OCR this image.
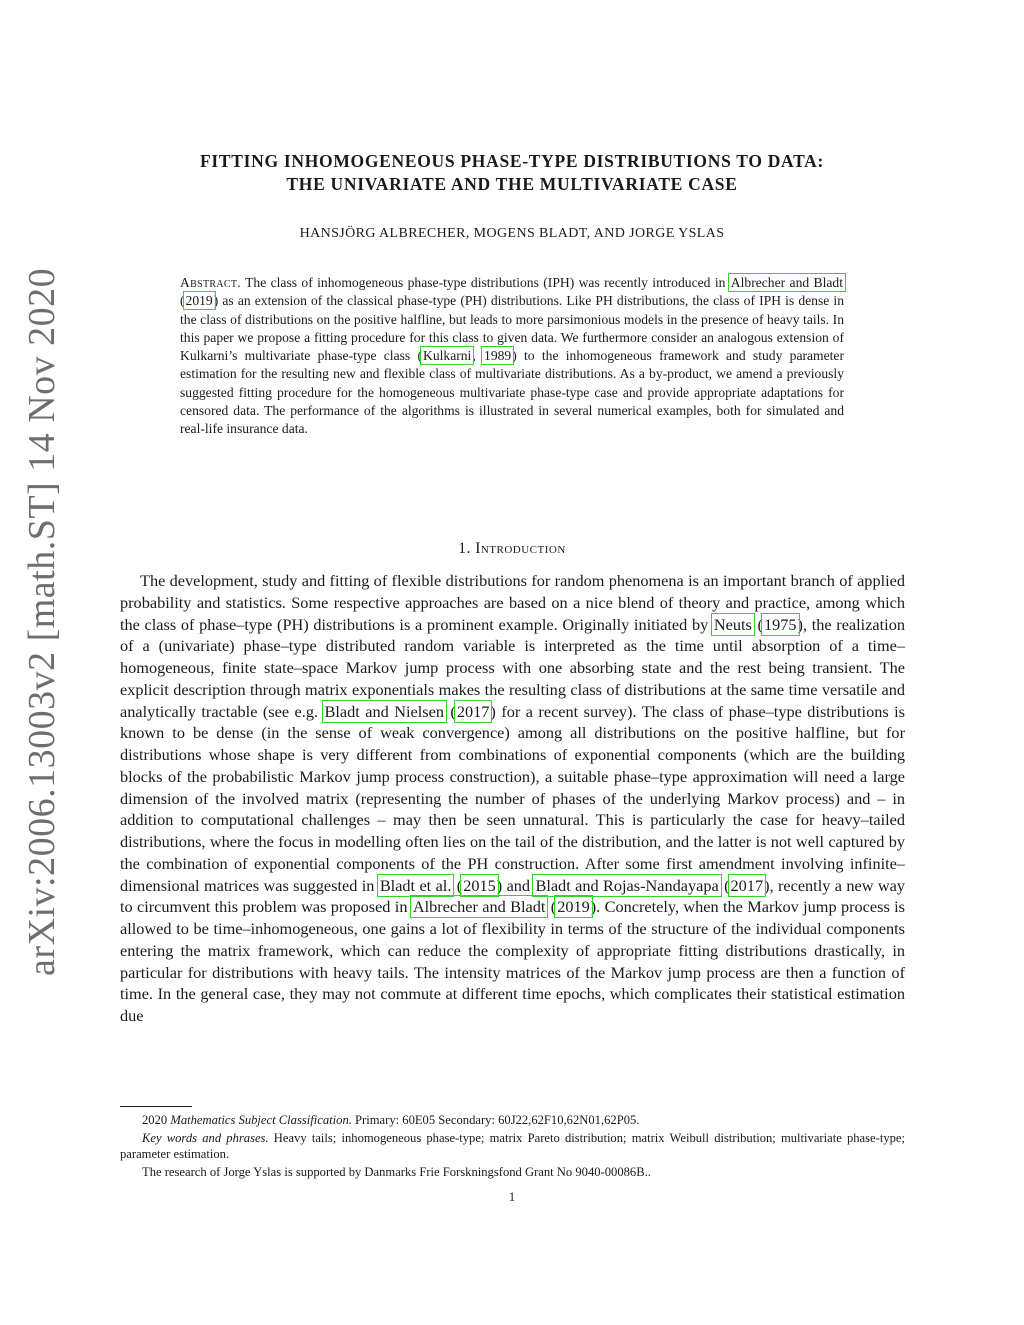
arXiv:2006.13003v2 [math.ST] 14 Nov 2020
FITTING INHOMOGENEOUS PHASE-TYPE DISTRIBUTIONS TO DATA:
THE UNIVARIATE AND THE MULTIVARIATE CASE
HANSJÖRG ALBRECHER, MOGENS BLADT, AND JORGE YSLAS
Abstract. The class of inhomogeneous phase-type distributions (IPH) was recently introduced in Albrecher and Bladt (2019) as an extension of the classical phase-type (PH) distributions. Like PH distributions, the class of IPH is dense in the class of distributions on the positive halfline, but leads to more parsimonious models in the presence of heavy tails. In this paper we propose a fitting procedure for this class to given data. We furthermore consider an analogous extension of Kulkarni’s multivariate phase-type class (Kulkarni, 1989) to the inhomogeneous framework and study parameter estimation for the resulting new and flexible class of multivariate distributions. As a by-product, we amend a previously suggested fitting procedure for the homogeneous multivariate phase-type case and provide appropriate adaptations for censored data. The performance of the algorithms is illustrated in several numerical examples, both for simulated and real-life insurance data.
1. Introduction

The development, study and fitting of flexible distributions for random phenomena is an important branch of applied probability and statistics. Some respective approaches are based on a nice blend of theory and practice, among which the class of phase–type (PH) distributions is a prominent example. Originally initiated by Neuts (1975), the realization of a (univariate) phase–type distributed random variable is interpreted as the time until absorption of a time–homogeneous, finite state–space Markov jump process with one absorbing state and the rest being transient. The explicit description through matrix exponentials makes the resulting class of distributions at the same time versatile and analytically tractable (see e.g. Bladt and Nielsen (2017) for a recent survey). The class of phase–type distributions is known to be dense (in the sense of weak convergence) among all distributions on the positive halfline, but for distributions whose shape is very different from combinations of exponential components (which are the building blocks of the probabilistic Markov jump process construction), a suitable phase–type approximation will need a large dimension of the involved matrix (representing the number of phases of the underlying Markov process) and – in addition to computational challenges – may then be seen unnatural. This is particularly the case for heavy–tailed distributions, where the focus in modelling often lies on the tail of the distribution, and the latter is not well captured by the combination of exponential components of the PH construction. After some first amendment involving infinite–dimensional matrices was suggested in Bladt et al. (2015) and Bladt and Rojas-Nandayapa (2017), recently a new way to circumvent this problem was proposed in Albrecher and Bladt (2019). Concretely, when the Markov jump process is allowed to be time–inhomogeneous, one gains a lot of flexibility in terms of the structure of the individual components entering the matrix framework, which can reduce the complexity of appropriate fitting distributions drastically, in particular for distributions with heavy tails. The intensity matrices of the Markov jump process are then a function of time. In the general case, they may not commute at different time epochs, which complicates their statistical estimation due

2020 Mathematics Subject Classification. Primary: 60E05 Secondary: 60J22,62F10,62N01,62P05.

Key words and phrases. Heavy tails; inhomogeneous phase-type; matrix Pareto distribution; matrix Weibull distribution; multivariate phase-type; parameter estimation.

The research of Jorge Yslas is supported by Danmarks Frie Forskningsfond Grant No 9040-00086B..

1
